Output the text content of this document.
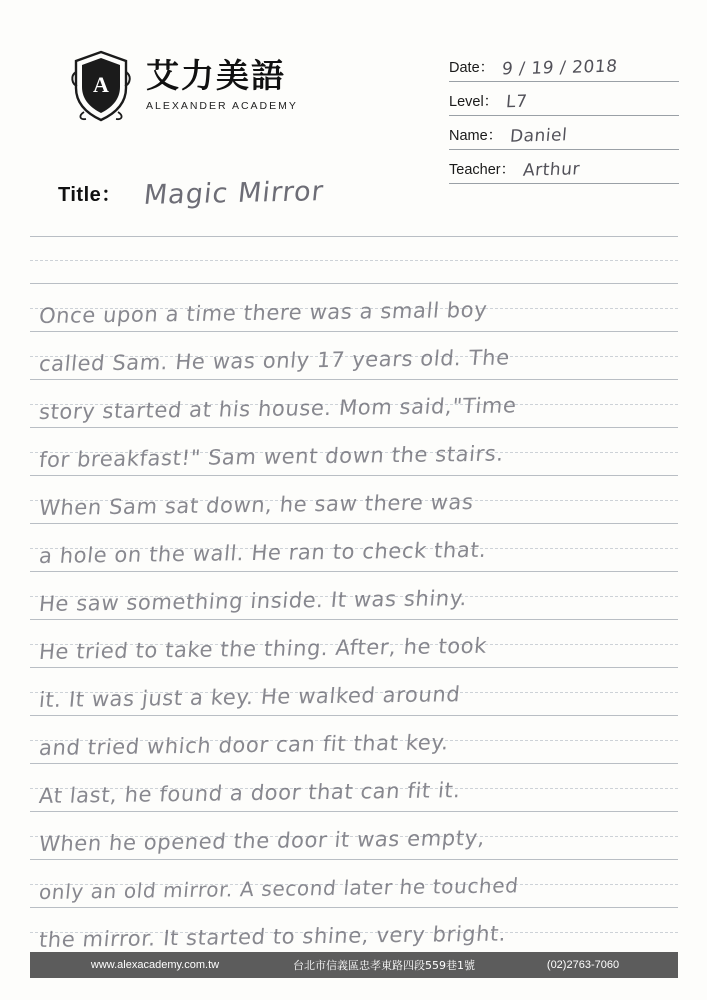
A 艾力美語
ALEXANDER ACADEMY
Date： 9 / 19 / 2018
Level： L7
Name： Daniel
Teacher： Arthur
Title： Magic Mirror
Once upon a time there was a small boy
called Sam. He was only 17 years old. The
story started at his house. Mom said,"Time
for breakfast!" Sam went down the stairs.
When Sam sat down, he saw there was
a hole on the wall. He ran to check that.
He saw something inside. It was shiny.
He tried to take the thing. After, he took
it. It was just a key. He walked around
and tried which door can fit that key.
At last, he found a door that can fit it.
When he opened the door it was empty,
only an old mirror. A second later he touched
the mirror. It started to shine, very bright.
www.alexacademy.com.tw	台北市信義區忠孝東路四段559巷1號	(02)2763-7060
